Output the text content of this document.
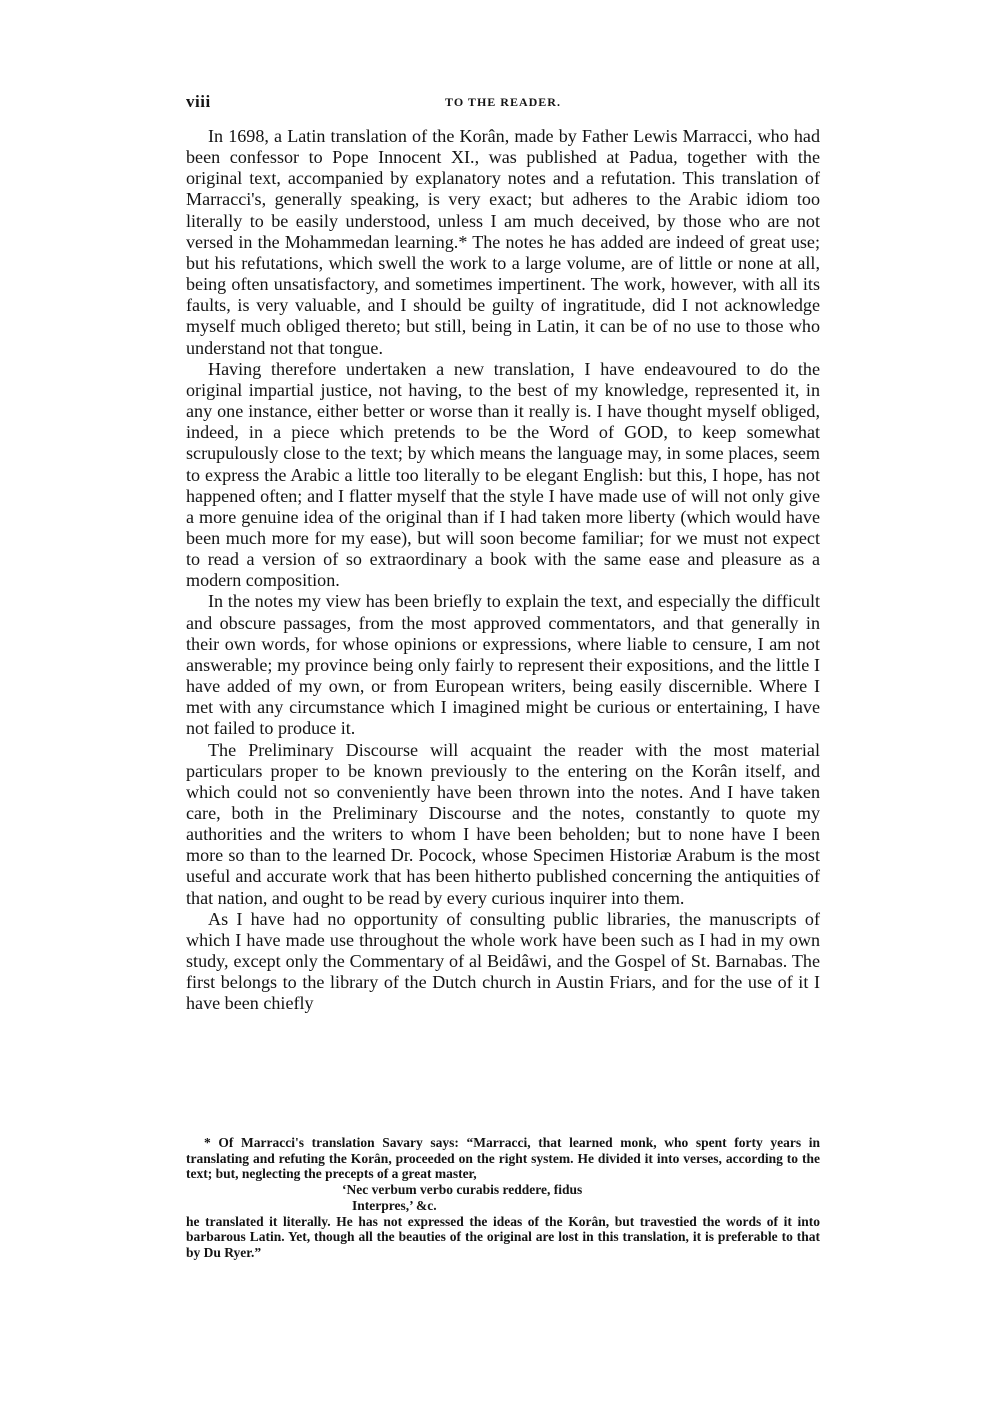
viii	TO THE READER.

In 1698, a Latin translation of the Korân, made by Father Lewis Marracci, who had been confessor to Pope Innocent XI., was published at Padua, together with the original text, accompanied by explanatory notes and a refutation. This translation of Marracci's, generally speaking, is very exact; but adheres to the Arabic idiom too literally to be easily understood, unless I am much deceived, by those who are not versed in the Mohammedan learning.* The notes he has added are indeed of great use; but his refutations, which swell the work to a large volume, are of little or none at all, being often unsatisfactory, and sometimes impertinent. The work, however, with all its faults, is very valuable, and I should be guilty of ingratitude, did I not acknowledge myself much obliged thereto; but still, being in Latin, it can be of no use to those who understand not that tongue.

Having therefore undertaken a new translation, I have endeavoured to do the original impartial justice, not having, to the best of my knowledge, represented it, in any one instance, either better or worse than it really is. I have thought myself obliged, indeed, in a piece which pretends to be the Word of GOD, to keep somewhat scrupulously close to the text; by which means the language may, in some places, seem to express the Arabic a little too literally to be elegant English: but this, I hope, has not happened often; and I flatter myself that the style I have made use of will not only give a more genuine idea of the original than if I had taken more liberty (which would have been much more for my ease), but will soon become familiar; for we must not expect to read a version of so extraordinary a book with the same ease and pleasure as a modern composition.

In the notes my view has been briefly to explain the text, and especially the difficult and obscure passages, from the most approved commentators, and that generally in their own words, for whose opinions or expressions, where liable to censure, I am not answerable; my province being only fairly to represent their expositions, and the little I have added of my own, or from European writers, being easily discernible. Where I met with any circumstance which I imagined might be curious or entertaining, I have not failed to produce it.

The Preliminary Discourse will acquaint the reader with the most material particulars proper to be known previously to the entering on the Korân itself, and which could not so conveniently have been thrown into the notes. And I have taken care, both in the Preliminary Discourse and the notes, constantly to quote my authorities and the writers to whom I have been beholden; but to none have I been more so than to the learned Dr. Pocock, whose Specimen Historiæ Arabum is the most useful and accurate work that has been hitherto published concerning the antiquities of that nation, and ought to be read by every curious inquirer into them.

As I have had no opportunity of consulting public libraries, the manuscripts of which I have made use throughout the whole work have been such as I had in my own study, except only the Commentary of al Beidâwi, and the Gospel of St. Barnabas. The first belongs to the library of the Dutch church in Austin Friars, and for the use of it I have been chiefly

* Of Marracci's translation Savary says: “Marracci, that learned monk, who spent forty years in translating and refuting the Korân, proceeded on the right system. He divided it into verses, according to the text; but, neglecting the precepts of a great master,

‘Nec verbum verbo curabis reddere, fidus

Interpres,’ &c.

he translated it literally. He has not expressed the ideas of the Korân, but travestied the words of it into barbarous Latin. Yet, though all the beauties of the original are lost in this translation, it is preferable to that by Du Ryer.”
